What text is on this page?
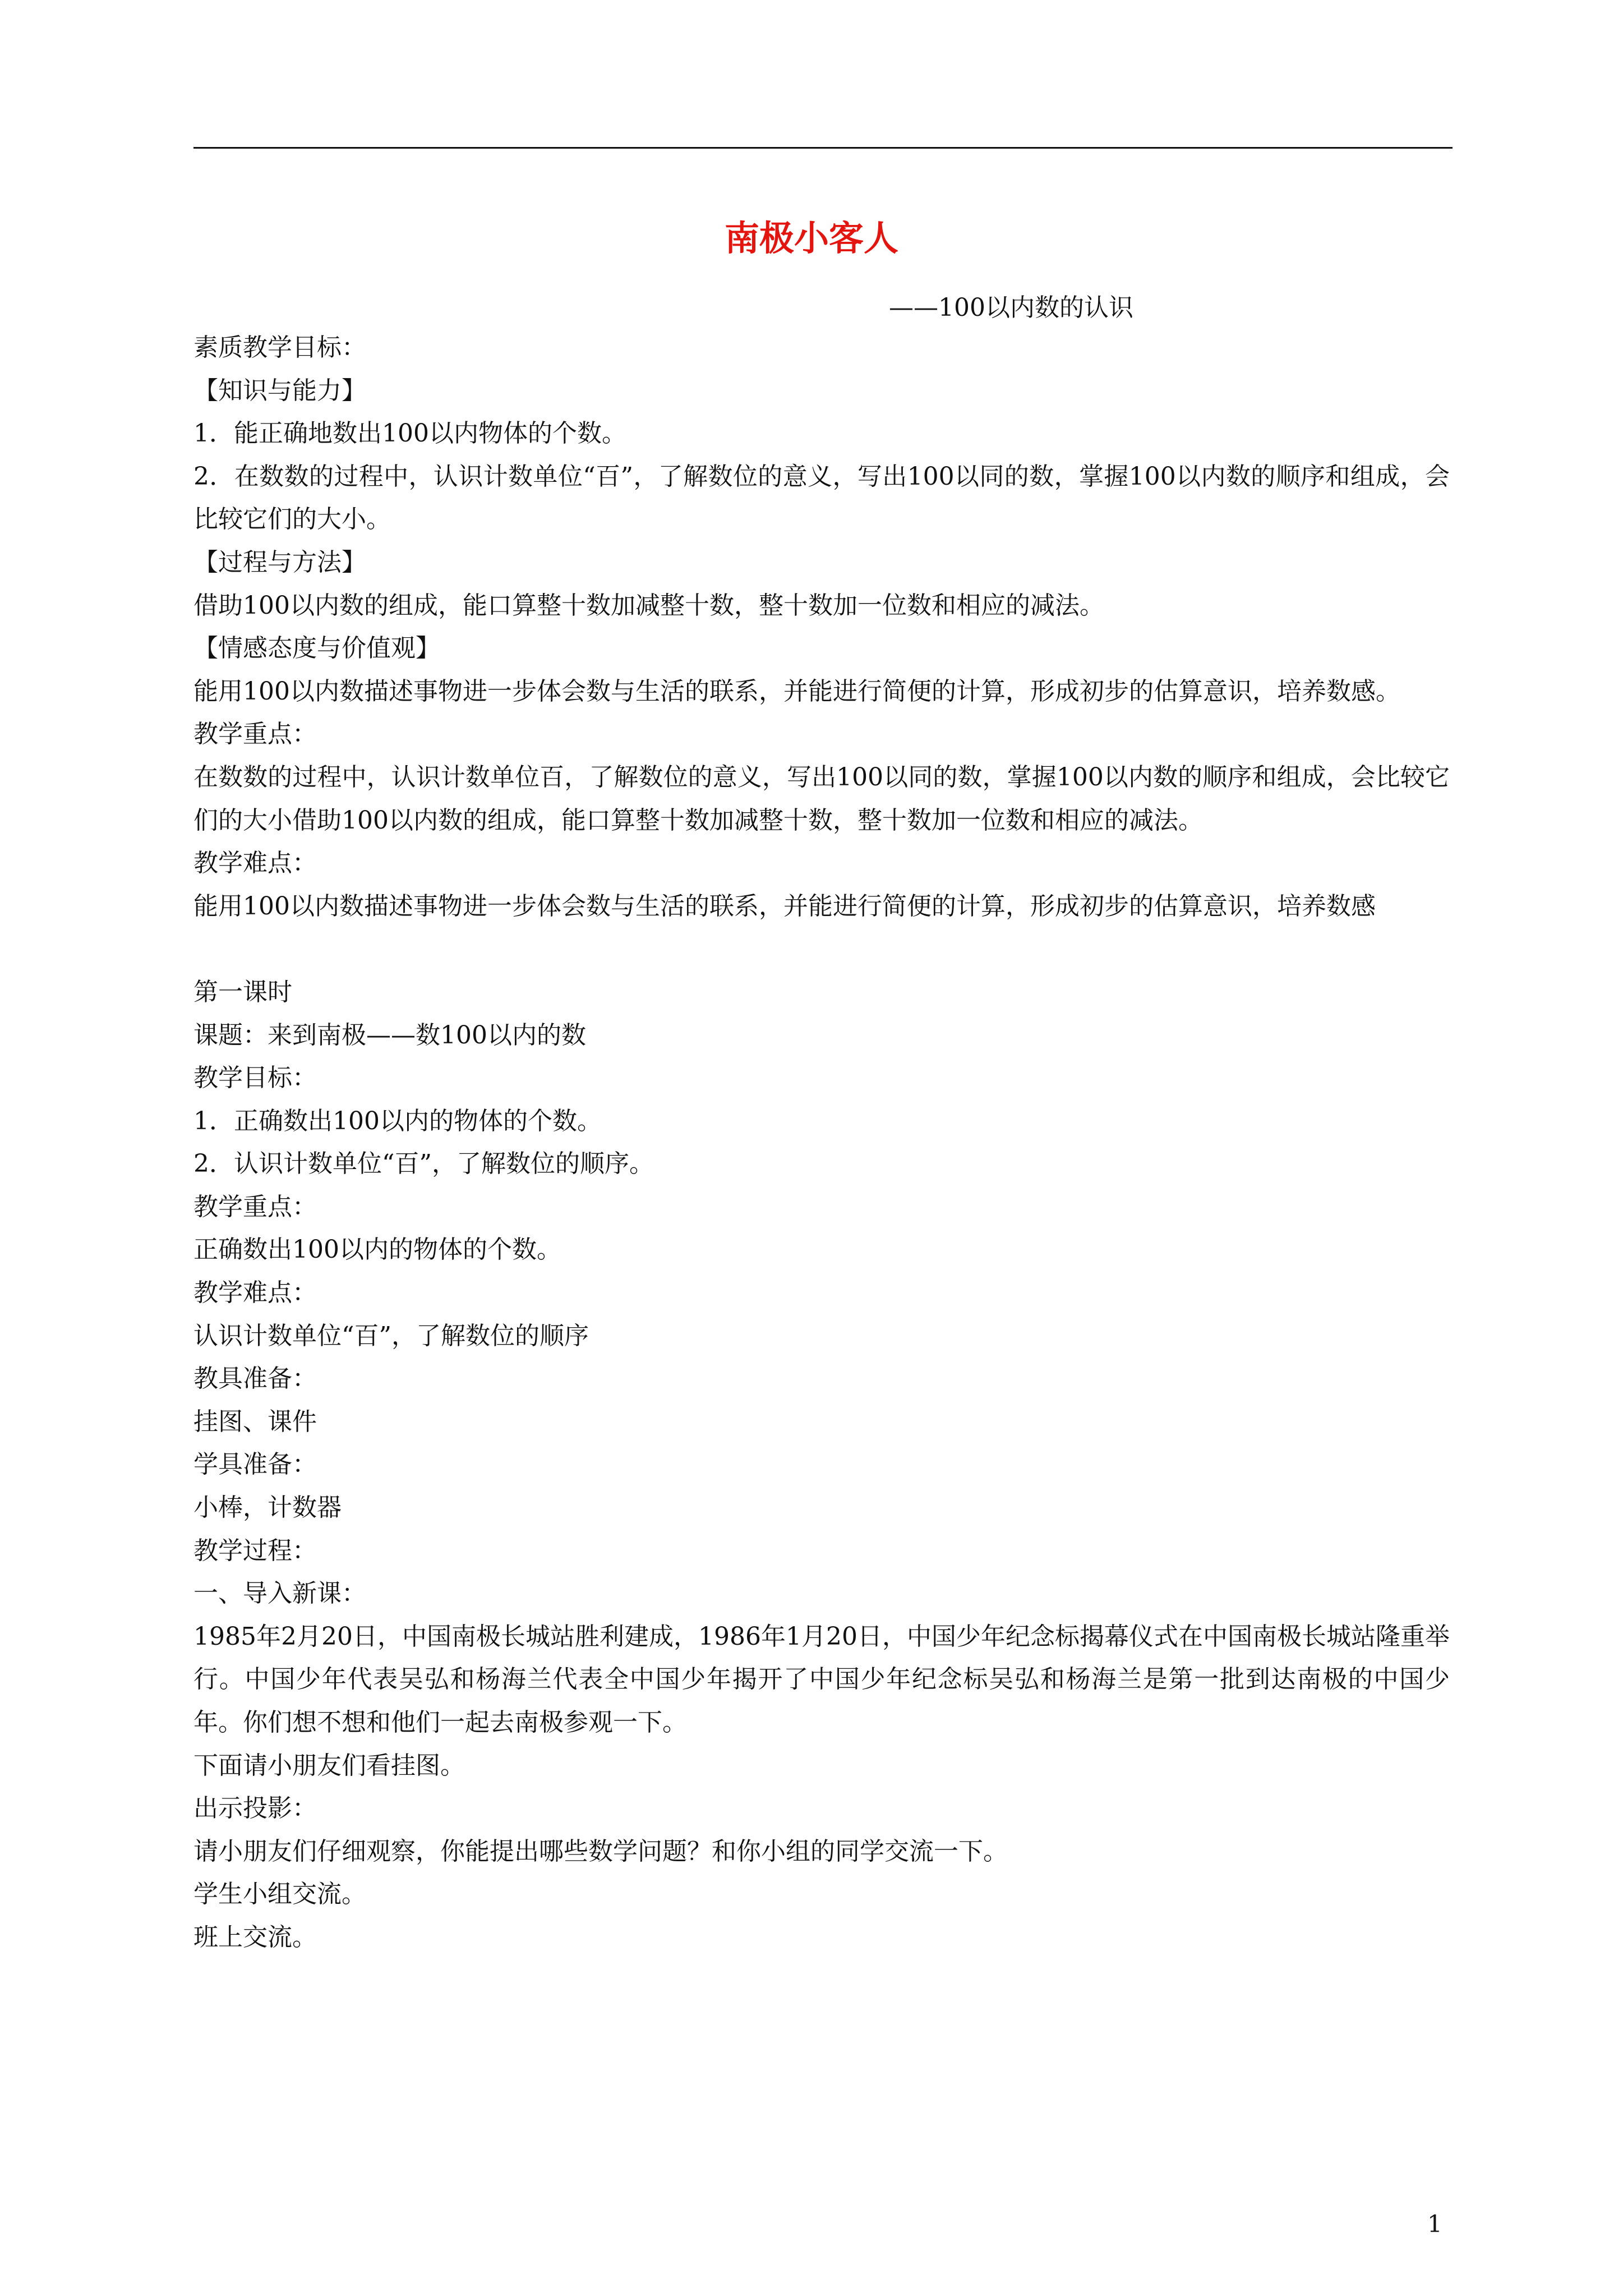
南极小客人
——100以内数的认识

素质教学目标：

【知识与能力】

1．能正确地数出100以内物体的个数。

2．在数数的过程中，认识计数单位“百”，了解数位的意义，写出100以同的数，掌握100以内数的顺序和组成，会比较它们的大小。

【过程与方法】

借助100以内数的组成，能口算整十数加减整十数，整十数加一位数和相应的减法。

【情感态度与价值观】

能用100以内数描述事物进一步体会数与生活的联系，并能进行简便的计算，形成初步的估算意识，培养数感。

教学重点：

在数数的过程中，认识计数单位百，了解数位的意义，写出100以同的数，掌握100以内数的顺序和组成，会比较它们的大小借助100以内数的组成，能口算整十数加减整十数，整十数加一位数和相应的减法。

教学难点：

能用100以内数描述事物进一步体会数与生活的联系，并能进行简便的计算，形成初步的估算意识，培养数感

第一课时

课题：来到南极——数100以内的数

教学目标：

1．正确数出100以内的物体的个数。

2．认识计数单位“百”，了解数位的顺序。

教学重点：

正确数出100以内的物体的个数。

教学难点：

认识计数单位“百”，了解数位的顺序

教具准备：

挂图、课件

学具准备：

小棒，计数器

教学过程：

一、导入新课：

1985年2月20日，中国南极长城站胜利建成，1986年1月20日，中国少年纪念标揭幕仪式在中国南极长城站隆重举行。中国少年代表吴弘和杨海兰代表全中国少年揭开了中国少年纪念标吴弘和杨海兰是第一批到达南极的中国少年。你们想不想和他们一起去南极参观一下。

下面请小朋友们看挂图。

出示投影：

请小朋友们仔细观察，你能提出哪些数学问题？和你小组的同学交流一下。

学生小组交流。

班上交流。

1
